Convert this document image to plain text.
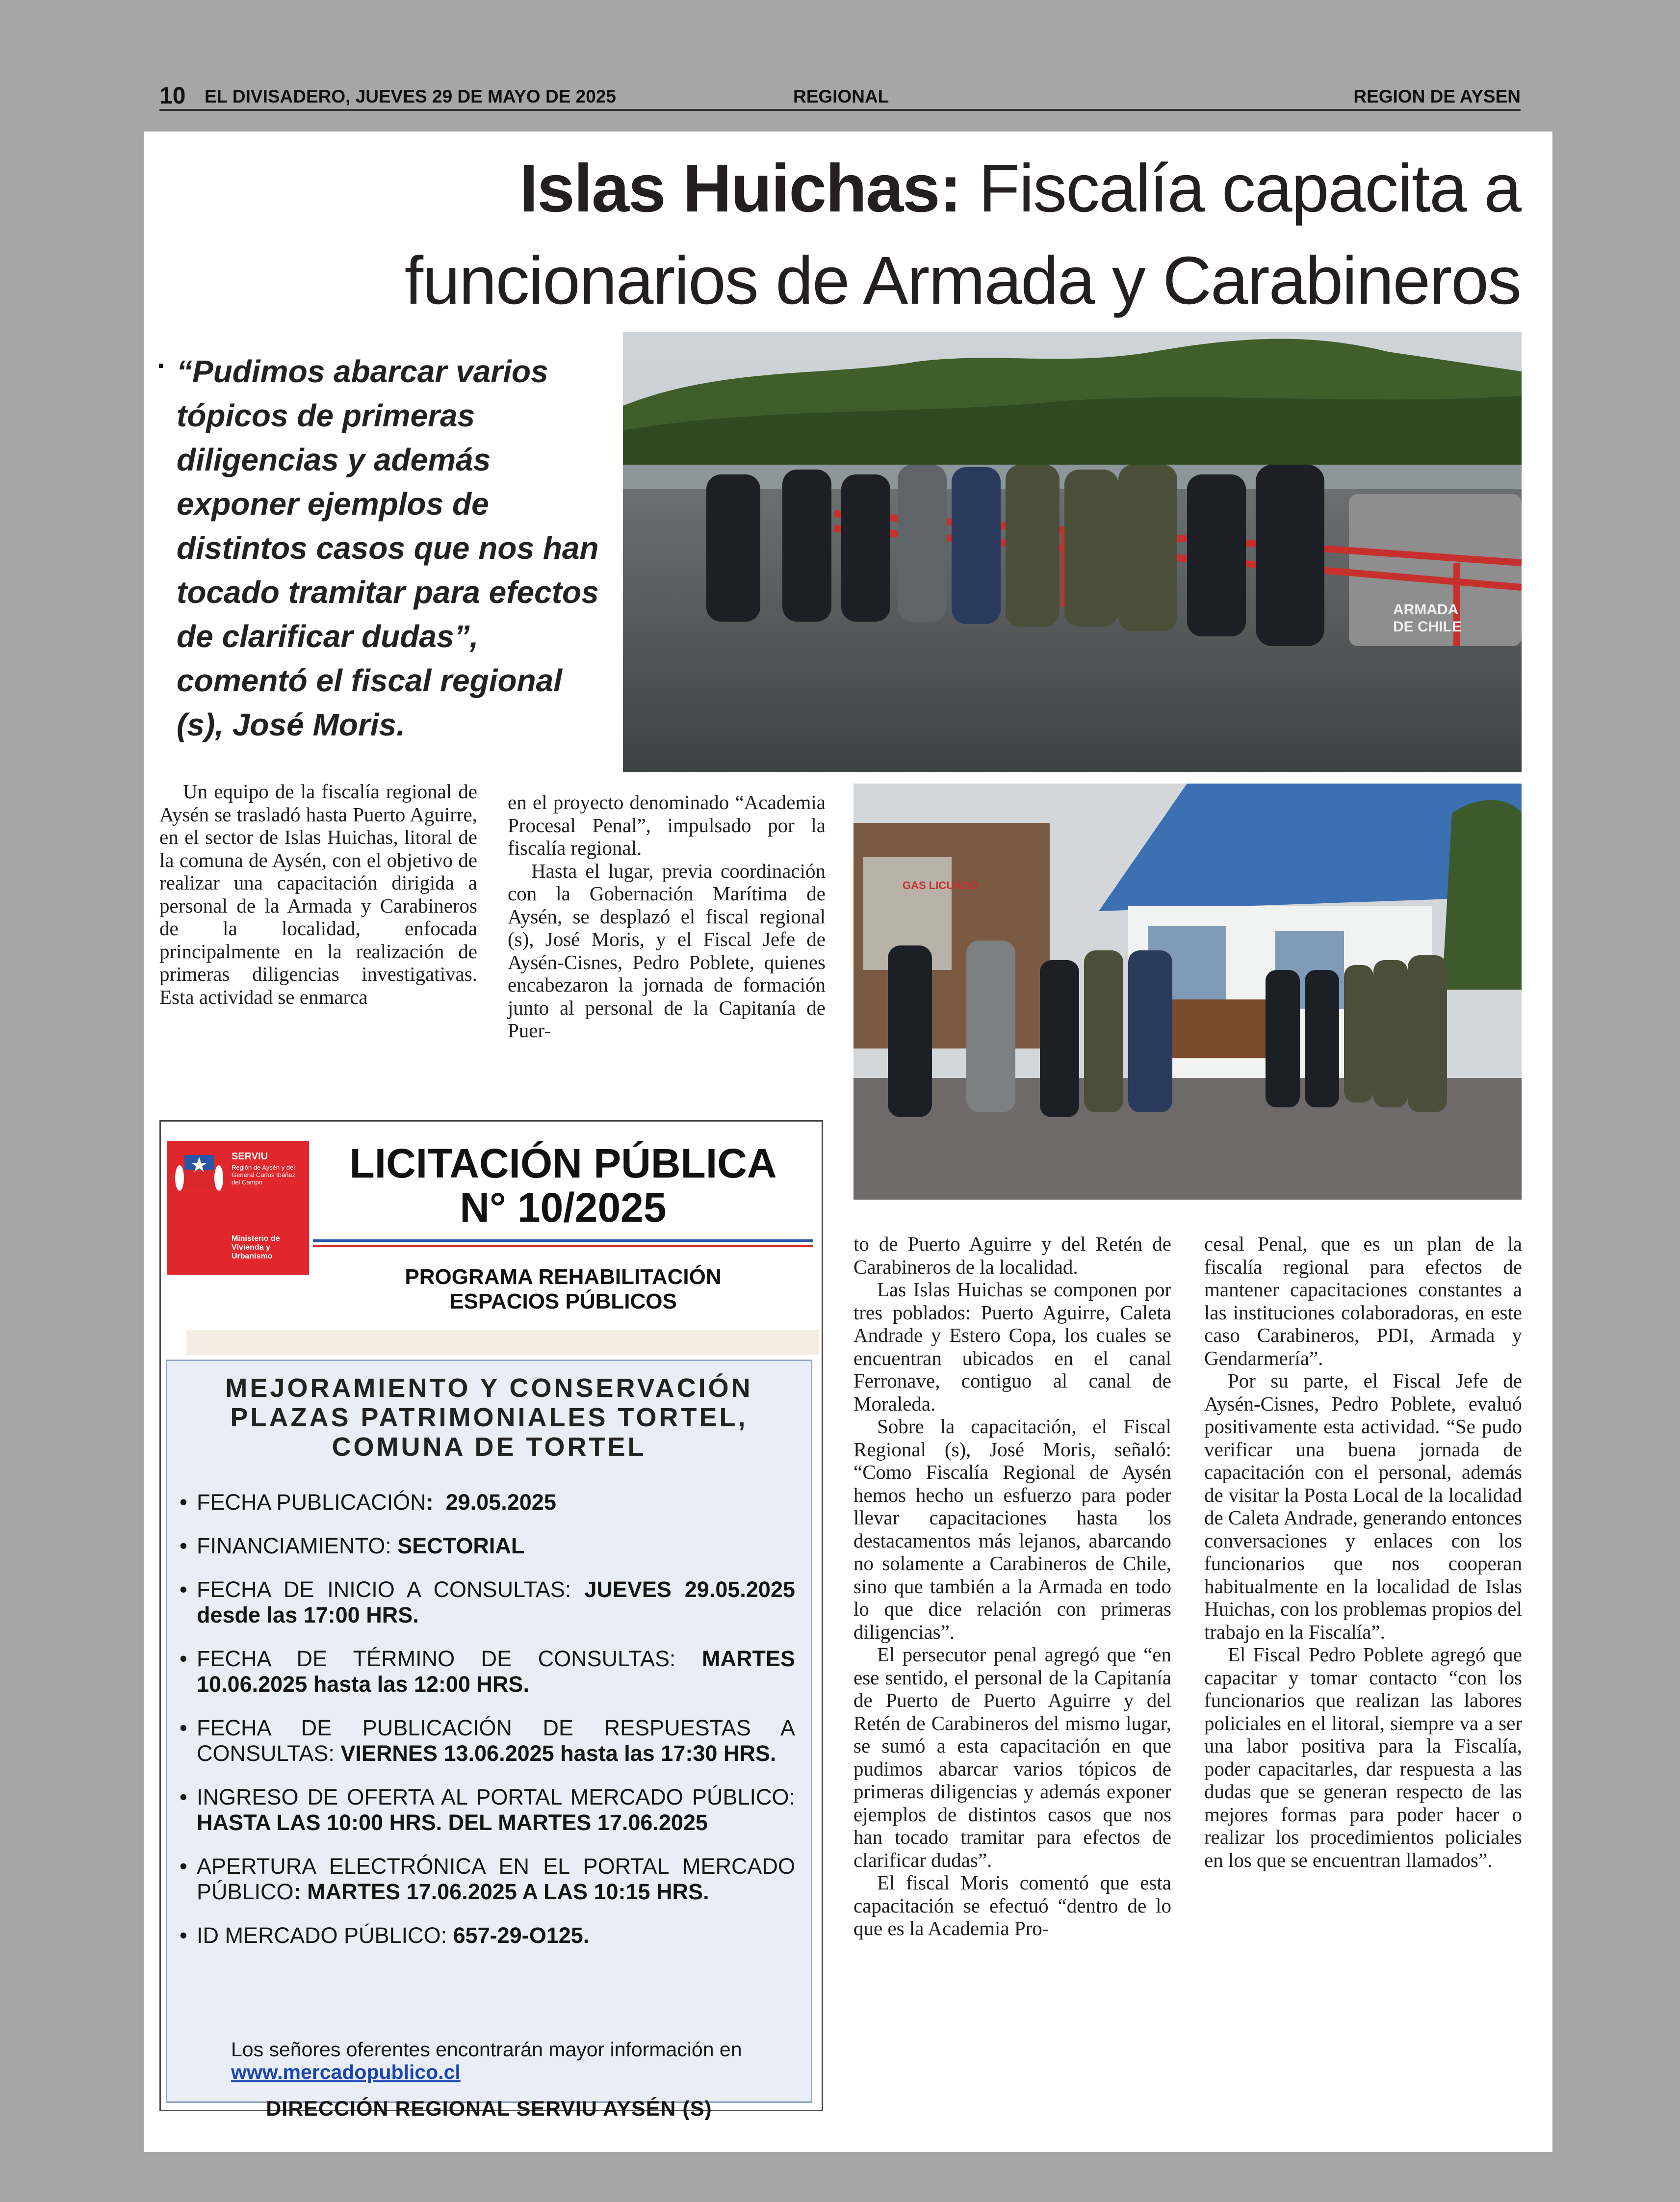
10 EL DIVISADERO, JUEVES 29 DE MAYO DE 2025	REGIONAL	REGION DE AYSEN
Islas Huichas: Fiscalía capacita a
funcionarios de Armada y Carabineros
· “Pudimos abarcar varios tópicos de primeras diligencias y además exponer ejemplos de distintos casos que nos han tocado tramitar para efectos de clarificar dudas”, comentó el fiscal regional (s), José Moris.
ARMADA
DE CHILE
GAS LICUADO

Un equipo de la fiscalía regional de Aysén se trasladó hasta Puerto Aguirre, en el sector de Islas Huichas, litoral de la comuna de Aysén, con el objetivo de realizar una capacitación dirigida a personal de la Armada y Carabineros de la localidad, enfocada principalmente en la realización de primeras diligencias investigativas. Esta actividad se enmarca

en el proyecto denominado “Academia Procesal Penal”, impulsado por la fiscalía regional.

Hasta el lugar, previa coordinación con la Gobernación Marítima de Aysén, se desplazó el fiscal regional (s), José Moris, y el Fiscal Jefe de Aysén-Cisnes, Pedro Poblete, quienes encabezaron la jornada de formación junto al personal de la Capitanía de Puer-

to de Puerto Aguirre y del Retén de Carabineros de la localidad.

Las Islas Huichas se componen por tres poblados: Puerto Aguirre, Caleta Andrade y Estero Copa, los cuales se encuentran ubicados en el canal Ferronave, contiguo al canal de Moraleda.

Sobre la capacitación, el Fiscal Regional (s), José Moris, señaló: “Como Fiscalía Regional de Aysén hemos hecho un esfuerzo para poder llevar capacitaciones hasta los destacamentos más lejanos, abarcando no solamente a Carabineros de Chile, sino que también a la Armada en todo lo que dice relación con primeras diligencias”.

El persecutor penal agregó que “en ese sentido, el personal de la Capitanía de Puerto de Puerto Aguirre y del Retén de Carabineros del mismo lugar, se sumó a esta capacitación en que pudimos abarcar varios tópicos de primeras diligencias y además exponer ejemplos de distintos casos que nos han tocado tramitar para efectos de clarificar dudas”.

El fiscal Moris comentó que esta capacitación se efectuó “dentro de lo que es la Academia Pro-

cesal Penal, que es un plan de la fiscalía regional para efectos de mantener capacitaciones constantes a las instituciones colaboradoras, en este caso Carabineros, PDI, Armada y Gendarmería”.

Por su parte, el Fiscal Jefe de Aysén-Cisnes, Pedro Poblete, evaluó positivamente esta actividad. “Se pudo verificar una buena jornada de capacitación con el personal, además de visitar la Posta Local de la localidad de Caleta Andrade, generando entonces conversaciones y enlaces con los funcionarios que nos cooperan habitualmente en la localidad de Islas Huichas, con los problemas propios del trabajo en la Fiscalía”.

El Fiscal Pedro Poblete agregó que capacitar y tomar contacto “con los funcionarios que realizan las labores policiales en el litoral, siempre va a ser una labor positiva para la Fiscalía, poder capacitarles, dar respuesta a las dudas que se generan respecto de las mejores formas para poder hacer o realizar los procedimientos policiales en los que se encuentran llamados”.

SERVIU
Región de Aysén y del General Carlos Ibáñez del Campo
Ministerio de Vivienda y Urbanismo
LICITACIÓN PÚBLICA
N° 10/2025
PROGRAMA REHABILITACIÓN
ESPACIOS PÚBLICOS
MEJORAMIENTO Y CONSERVACIÓN
PLAZAS PATRIMONIALES TORTEL,
COMUNA DE TORTEL
• FECHA PUBLICACIÓN: 29.05.2025
• FINANCIAMIENTO: SECTORIAL
• FECHA DE INICIO A CONSULTAS: JUEVES 29.05.2025 desde las 17:00 HRS.
• FECHA DE TÉRMINO DE CONSULTAS: MARTES 10.06.2025 hasta las 12:00 HRS.
• FECHA DE PUBLICACIÓN DE RESPUESTAS A CONSULTAS: VIERNES 13.06.2025 hasta las 17:30 HRS.
• INGRESO DE OFERTA AL PORTAL MERCADO PÚBLICO: HASTA LAS 10:00 HRS. DEL MARTES 17.06.2025
• APERTURA ELECTRÓNICA EN EL PORTAL MERCADO PÚBLICO: MARTES 17.06.2025 A LAS 10:15 HRS.
• ID MERCADO PÚBLICO: 657-29-O125.
Los señores oferentes encontrarán mayor información en www.mercadopublico.cl
DIRECCIÓN REGIONAL SERVIU AYSÉN (S)
